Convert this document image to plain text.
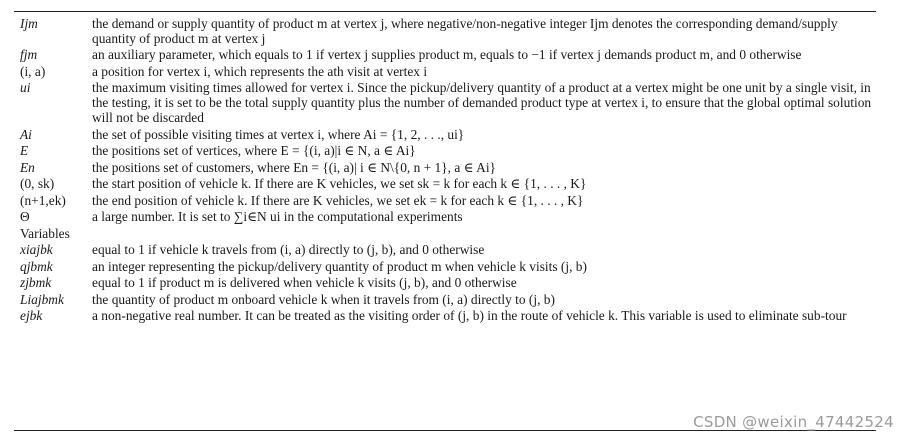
Ijm	the demand or supply quantity of product m at vertex j, where negative/non-negative integer Ijm denotes the corresponding demand/supply quantity of product m at vertex j
fjm	an auxiliary parameter, which equals to 1 if vertex j supplies product m, equals to −1 if vertex j demands product m, and 0 otherwise
(i, a)	a position for vertex i, which represents the ath visit at vertex i
ui	the maximum visiting times allowed for vertex i. Since the pickup/delivery quantity of a product at a vertex might be one unit by a single visit, in the testing, it is set to be the total supply quantity plus the number of demanded product type at vertex i, to ensure that the global optimal solution will not be discarded
Ai	the set of possible visiting times at vertex i, where Ai = {1, 2, . . ., ui}
E	the positions set of vertices, where E = {(i, a)|i ∈ N, a ∈ Ai}
En	the positions set of customers, where En = {(i, a)| i ∈ N\{0, n + 1}, a ∈ Ai}
(0, sk)	the start position of vehicle k. If there are K vehicles, we set sk = k for each k ∈ {1, . . . , K}
(n+1,ek)	the end position of vehicle k. If there are K vehicles, we set ek = k for each k ∈ {1, . . . , K}
Θ	a large number. It is set to ∑i∈N ui in the computational experiments
Variables
xiajbk	equal to 1 if vehicle k travels from (i, a) directly to (j, b), and 0 otherwise
qjbmk	an integer representing the pickup/delivery quantity of product m when vehicle k visits (j, b)
zjbmk	equal to 1 if product m is delivered when vehicle k visits (j, b), and 0 otherwise
Liajbmk	the quantity of product m onboard vehicle k when it travels from (i, a) directly to (j, b)
ejbk	a non-negative real number. It can be treated as the visiting order of (j, b) in the route of vehicle k. This variable is used to eliminate sub-tour
CSDN @weixin_47442524
